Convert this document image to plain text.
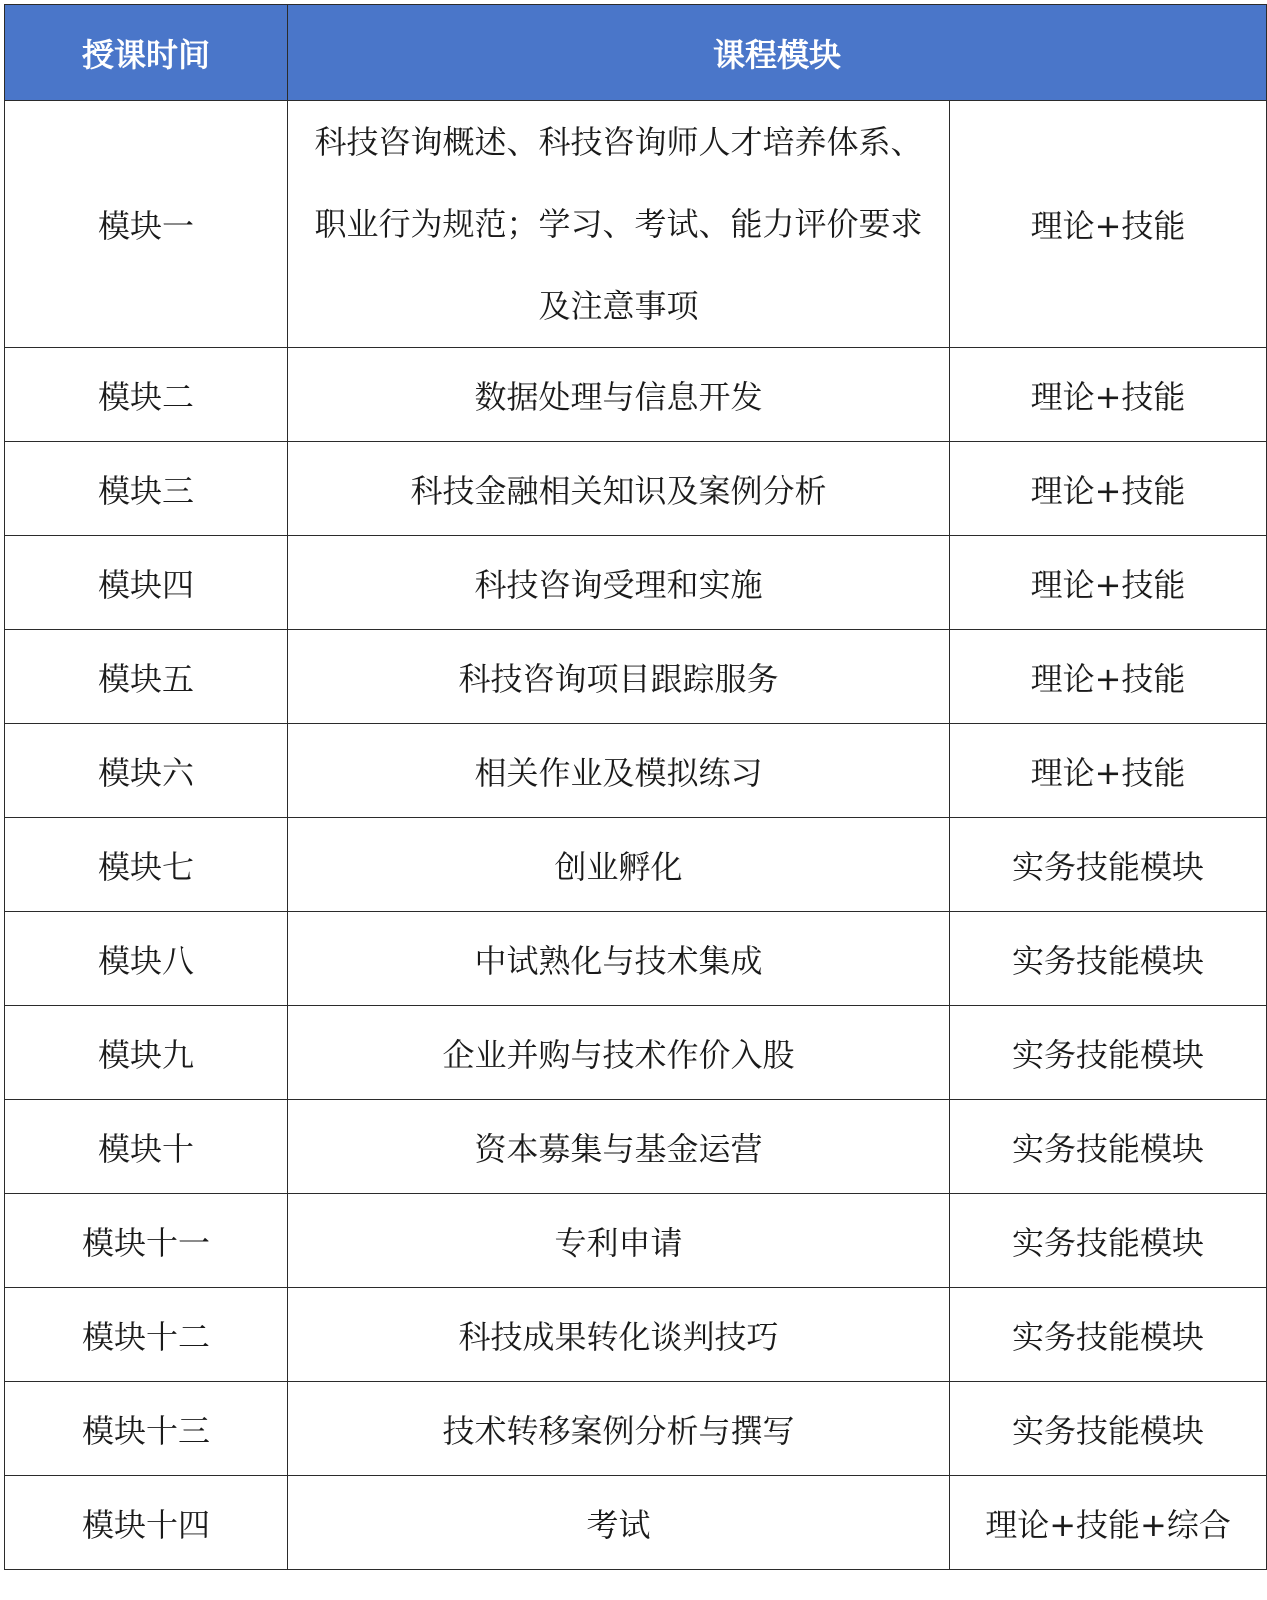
授课时间	课程模块	
模块一	科技咨询概述、科技咨询师人才培养体系、职业行为规范；学习、考试、能力评价要求及注意事项	理论+技能
模块二	数据处理与信息开发	理论+技能
模块三	科技金融相关知识及案例分析	理论+技能
模块四	科技咨询受理和实施	理论+技能
模块五	科技咨询项目跟踪服务	理论+技能
模块六	相关作业及模拟练习	理论+技能
模块七	创业孵化	实务技能模块
模块八	中试熟化与技术集成	实务技能模块
模块九	企业并购与技术作价入股	实务技能模块
模块十	资本募集与基金运营	实务技能模块
模块十一	专利申请	实务技能模块
模块十二	科技成果转化谈判技巧	实务技能模块
模块十三	技术转移案例分析与撰写	实务技能模块
模块十四	考试	理论+技能+综合
